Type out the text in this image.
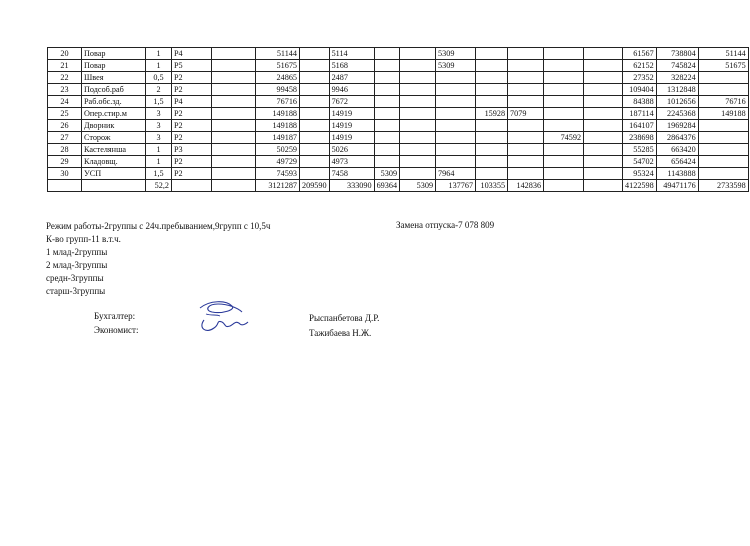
20	Повар	1	Р4		51144		5114			5309					61567	738804	51144
21	Повар	1	Р5		51675		5168			5309					62152	745824	51675
22	Швея	0,5	Р2		24865		2487								27352	328224	
23	Подсоб.раб	2	Р2		99458		9946								109404	1312848	
24	Раб.обс.зд.	1,5	Р4		76716		7672								84388	1012656	76716
25	Опер.стир.м	3	Р2		149188		14919				15928	7079			187114	2245368	149188
26	Дворник	3	Р2		149188		14919								164107	1969284	
27	Сторож	3	Р2		149187		14919						74592		238698	2864376	
28	Кастелянша	1	Р3		50259		5026								55285	663420	
29	Кладовщ.	1	Р2		49729		4973								54702	656424	
30	УСП	1,5	Р2		74593		7458	5309		7964					95324	1143888	
		52,2			3121287	209590	333090	69364	5309	137767	103355	142836			4122598	49471176	2733598
Режим работы-2группы с 24ч.пребыванием,9групп с 10,5ч
К-во групп-11 в.т.ч.
1 млад-2группы
2 млад-3группы
средн-3группы
старш-3группы
Замена отпуска-7 078 809
Бухгалтер:
Экономист:
Рыспанбетова Д.Р.
Тажибаева Н.Ж.
